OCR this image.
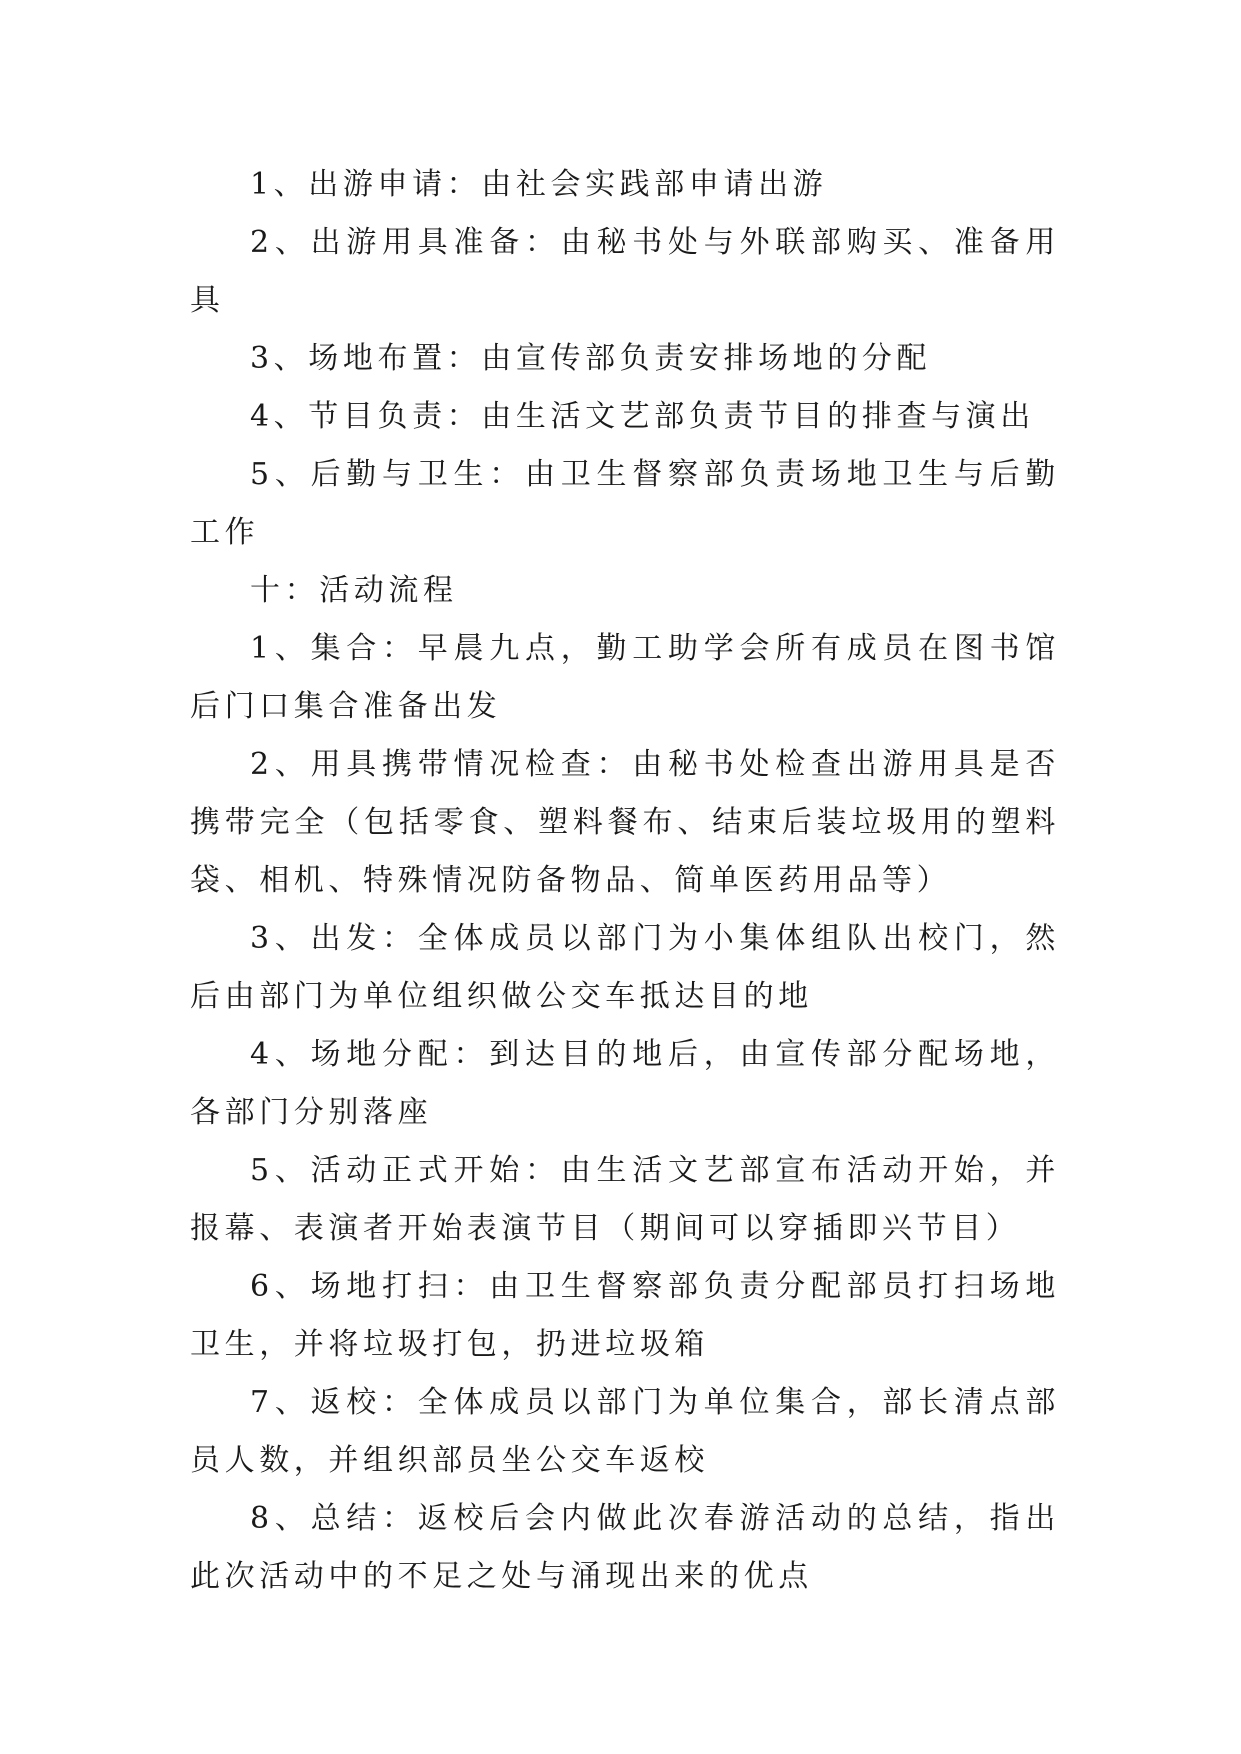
1、出游申请：由社会实践部申请出游

2、出游用具准备：由秘书处与外联部购买、准备用具

3、场地布置：由宣传部负责安排场地的分配

4、节目负责：由生活文艺部负责节目的排查与演出

5、后勤与卫生：由卫生督察部负责场地卫生与后勤工作

十：活动流程

1、集合：早晨九点，勤工助学会所有成员在图书馆后门口集合准备出发

2、用具携带情况检查：由秘书处检查出游用具是否携带完全（包括零食、塑料餐布、结束后装垃圾用的塑料袋、相机、特殊情况防备物品、简单医药用品等）

3、出发：全体成员以部门为小集体组队出校门，然后由部门为单位组织做公交车抵达目的地

4、场地分配：到达目的地后，由宣传部分配场地，各部门分别落座

5、活动正式开始：由生活文艺部宣布活动开始，并报幕、表演者开始表演节目（期间可以穿插即兴节目）

6、场地打扫：由卫生督察部负责分配部员打扫场地卫生，并将垃圾打包，扔进垃圾箱

7、返校：全体成员以部门为单位集合，部长清点部员人数，并组织部员坐公交车返校

8、总结：返校后会内做此次春游活动的总结，指出此次活动中的不足之处与涌现出来的优点
